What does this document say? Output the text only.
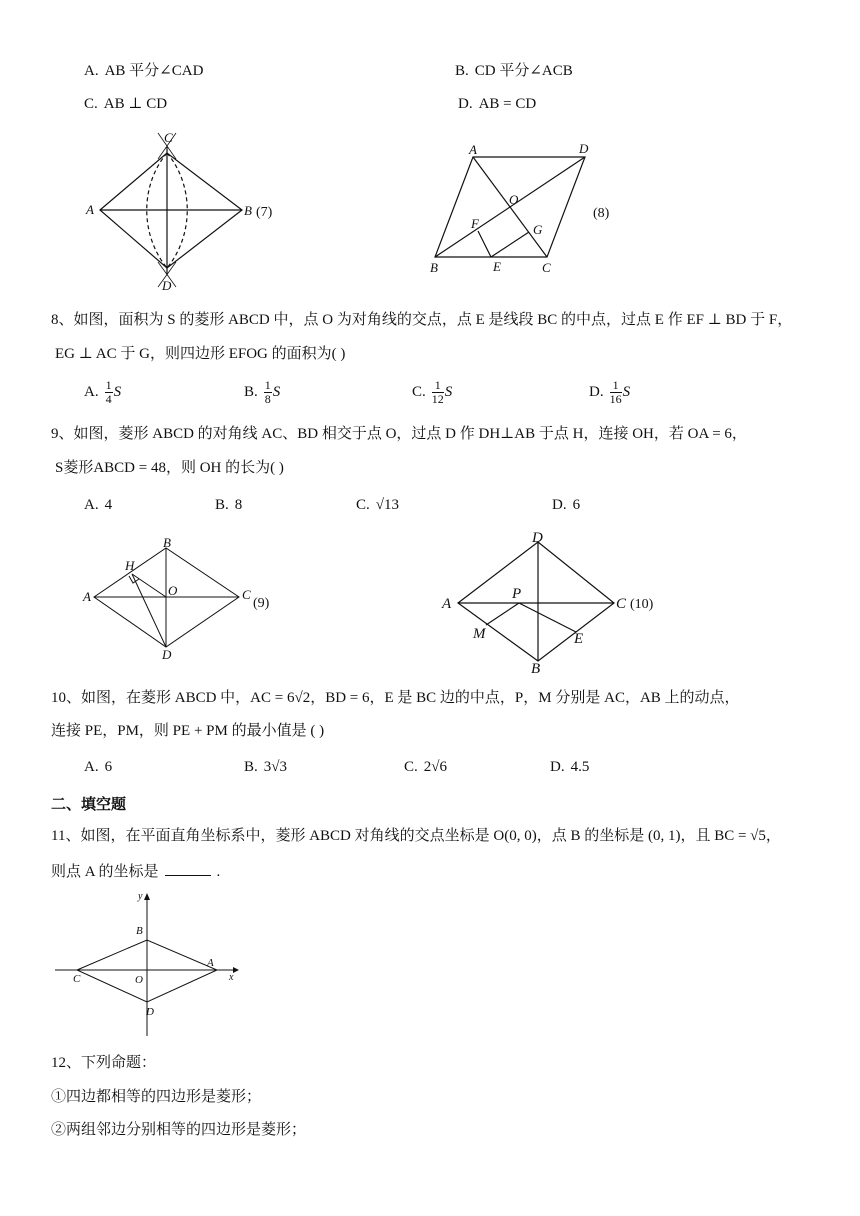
A. AB 平分∠CAD	B. CD 平分∠ACB
C. AB ⊥ CD	D. AB = CD
C
A	B
D
(7)
A	D
O
F	G
B	E	C
(8)
8、如图，面积为 S 的菱形 ABCD 中，点 O 为对角线的交点，点 E 是线段 BC 的中点，过点 E 作 EF ⊥ BD 于 F，
EG ⊥ AC 于 G，则四边形 EFOG 的面积为( )
A. $\frac{1}{4}$ S	B. $\frac{1}{8}$ S	C. $\frac{1}{12}$ S	D. $\frac{1}{16}$ S
9、如图，菱形 ABCD 的对角线 AC、BD 相交于点 O，过点 D 作 DH⊥AB 于点 H，连接 OH，若 OA = 6，
S菱形ABCD = 48，则 OH 的长为( )
A. 4	B. 8	C. √13	D. 6
B
H
A	O	C
D
(9)
D
A
P
C
M	E
B
(10)
10、如图，在菱形 ABCD 中，AC = 6√2，BD = 6，E 是 BC 边的中点，P，M 分别是 AC，AB 上的动点，
连接 PE，PM，则 PE + PM 的最小值是 ( )
A. 6	B. 3√3	C. 2√6	D. 4.5
二、填空题
11、如图，在平面直角坐标系中，菱形 ABCD 对角线的交点坐标是 O(0, 0)，点 B 的坐标是 (0, 1)，且 BC = √5，
则点 A 的坐标是	.
y
x
B
C	O
A
D
12、下列命题：
①四边都相等的四边形是菱形；
②两组邻边分别相等的四边形是菱形；
